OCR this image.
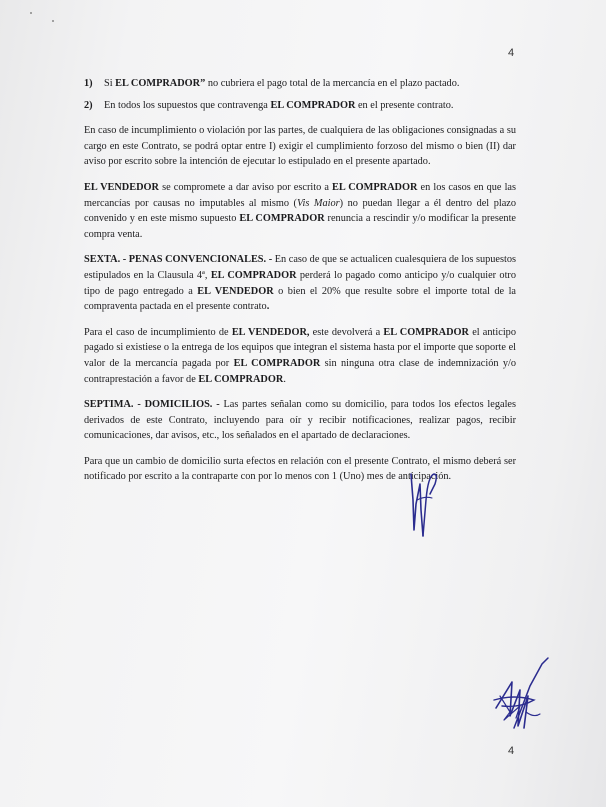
4
1)	Si EL COMPRADOR” no cubriera el pago total de la mercancía en el plazo pactado.
2)	En todos los supuestos que contravenga EL COMPRADOR en el presente contrato.

En caso de incumplimiento o violación por las partes, de cualquiera de las obligaciones consignadas a su cargo en este Contrato, se podrá optar entre I) exigir el cumplimiento forzoso del mismo o bien (II) dar aviso por escrito sobre la intención de ejecutar lo estipulado en el presente apartado.

EL VENDEDOR se compromete a dar aviso por escrito a EL COMPRADOR en los casos en que las mercancías por causas no imputables al mismo (Vis Maior) no puedan llegar a él dentro del plazo convenido y en este mismo supuesto EL COMPRADOR renuncia a rescindir y/o modificar la presente compra venta.

SEXTA. - PENAS CONVENCIONALES. - En caso de que se actualicen cualesquiera de los supuestos estipulados en la Clausula 4ª, EL COMPRADOR perderá lo pagado como anticipo y/o cualquier otro tipo de pago entregado a EL VENDEDOR o bien el 20% que resulte sobre el importe total de la compraventa pactada en el presente contrato.

Para el caso de incumplimiento de EL VENDEDOR, este devolverá a EL COMPRADOR el anticipo pagado si existiese o la entrega de los equipos que integran el sistema hasta por el importe que soporte el valor de la mercancía pagada por EL COMPRADOR sin ninguna otra clase de indemnización y/o contraprestación a favor de EL COMPRADOR.

SEPTIMA. - DOMICILIOS. - Las partes señalan como su domicilio, para todos los efectos legales derivados de este Contrato, incluyendo para oír y recibir notificaciones, realizar pagos, recibir comunicaciones, dar avisos, etc., los señalados en el apartado de declaraciones.

Para que un cambio de domicilio surta efectos en relación con el presente Contrato, el mismo deberá ser notificado por escrito a la contraparte con por lo menos con 1 (Uno) mes de anticipación.

4
